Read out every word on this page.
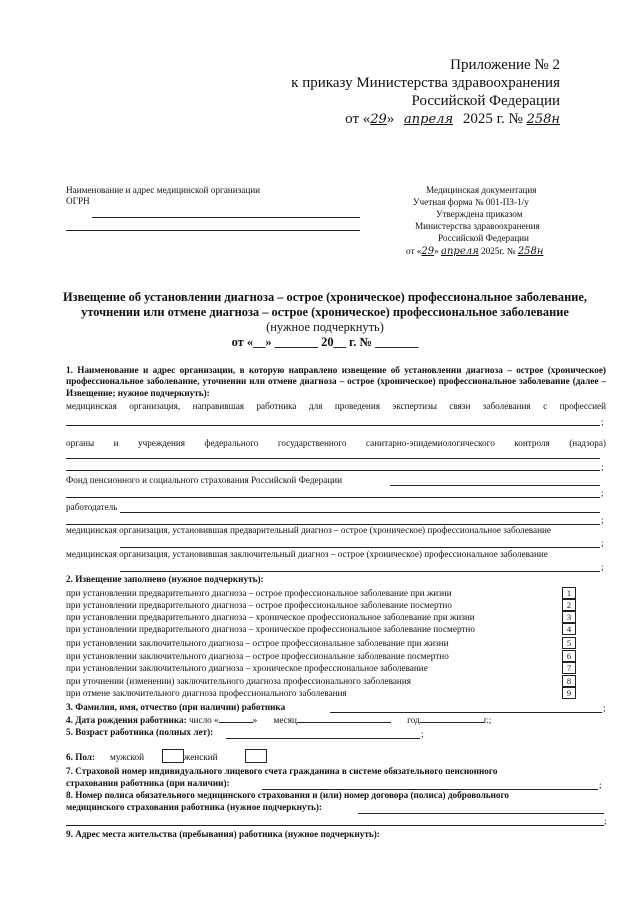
Приложение № 2
к приказу Министерства здравоохранения
Российской Федерации
от «29» апреля 2025 г. № 258н
Наименование и адрес медицинской организации
ОГРН
Медицинская документация
Учетная форма № 001-ПЗ-1/у
Утверждена приказом
Министерства здравоохранения
Российской Федерации
от «29» апреля 2025г. № 258н
Извещение об установлении диагноза – острое (хроническое) профессиональное заболевание,
уточнении или отмене диагноза – острое (хроническое) профессиональное заболевание
(нужное подчеркнуть)
от «__» _______ 20__ г. № _______
1. Наименование и адрес организации, в которую направлено извещение об установлении диагноза – острое (хроническое) профессиональное заболевание, уточнении или отмене диагноза – острое (хроническое) профессиональное заболевание (далее – Извещение; нужное подчеркнуть):
медицинская организация, направившая работника для проведения экспертизы связи заболевания с профессией
;
органы и учреждения федерального государственного санитарно-эпидемиологического контроля (надзора)
;
Фонд пенсионного и социального страхования Российской Федерации
;
работодатель
;
медицинская организация, установившая предварительный диагноз – острое (хроническое) профессиональное заболевание
;
медицинская организация, установившая заключительный диагноз – острое (хроническое) профессиональное заболевание
;
2. Извещение заполнено (нужное подчеркнуть):
при установлении предварительного диагноза – острое профессиональное заболевание при жизни	1
при установлении предварительного диагноза – острое профессиональное заболевание посмертно	2
при установлении предварительного диагноза – хроническое профессиональное заболевание при жизни	3
при установлении предварительного диагноза – хроническое профессиональное заболевание посмертно	4
при установлении заключительного диагноза – острое профессиональное заболевание при жизни	5
при установлении заключительного диагноза – острое профессиональное заболевание посмертно	6
при установлении заключительного диагноза – хроническое профессиональное заболевание	7
при уточнении (изменении) заключительного диагноза профессионального заболевания	8
при отмене заключительного диагноза профессионального заболевания	9
3. Фамилия, имя, отчество (при наличии) работника	;
4. Дата рождения работника: число «	» месяц	год	г.;
5. Возраст работника (полных лет):	;
6. Пол: мужской	женский
7. Страховой номер индивидуального лицевого счета гражданина в системе обязательного пенсионного
страхования работника (при наличии):	;
8. Номер полиса обязательного медицинского страхования и (или) номер договора (полиса) добровольного
медицинского страхования работника (нужное подчеркнуть):
;
9. Адрес места жительства (пребывания) работника (нужное подчеркнуть):
